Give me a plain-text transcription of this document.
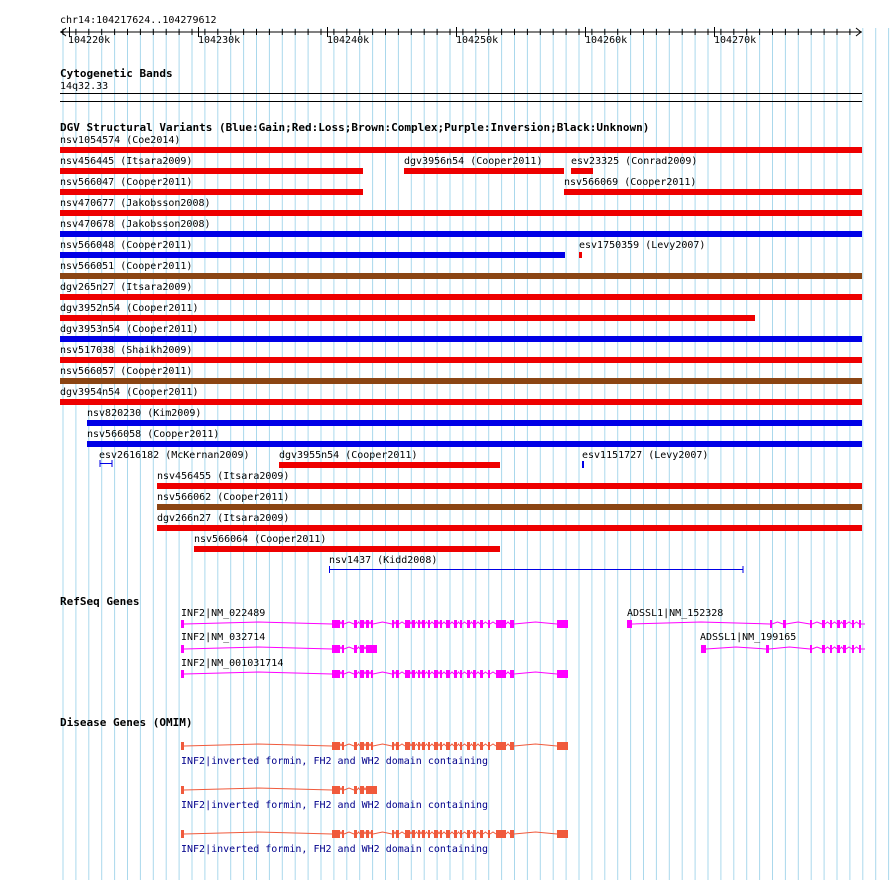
chr14:104217624..104279612
104220k	104230k	104240k	104250k	104260k	104270k
Cytogenetic Bands
14q32.33
DGV Structural Variants (Blue:Gain;Red:Loss;Brown:Complex;Purple:Inversion;Black:Unknown)
nsv1054574 (Coe2014)
nsv456445 (Itsara2009)	dgv3956n54 (Cooper2011)	esv23325 (Conrad2009)
nsv566047 (Cooper2011)	nsv566069 (Cooper2011)
nsv470677 (Jakobsson2008)
nsv470678 (Jakobsson2008)
nsv566048 (Cooper2011)	esv1750359 (Levy2007)
nsv566051 (Cooper2011)
dgv265n27 (Itsara2009)
dgv3952n54 (Cooper2011)
dgv3953n54 (Cooper2011)
nsv517038 (Shaikh2009)
nsv566057 (Cooper2011)
dgv3954n54 (Cooper2011)
nsv820230 (Kim2009)
nsv566058 (Cooper2011)
esv2616182 (McKernan2009)	dgv3955n54 (Cooper2011)	esv1151727 (Levy2007)
nsv456455 (Itsara2009)
nsv566062 (Cooper2011)
dgv266n27 (Itsara2009)
nsv566064 (Cooper2011)
nsv1437 (Kidd2008)
RefSeq Genes
INF2|NM_022489
INF2|NM_032714
INF2|NM_001031714
ADSSL1|NM_152328
ADSSL1|NM_199165
Disease Genes (OMIM)
INF2|inverted formin, FH2 and WH2 domain containing
INF2|inverted formin, FH2 and WH2 domain containing
INF2|inverted formin, FH2 and WH2 domain containing
